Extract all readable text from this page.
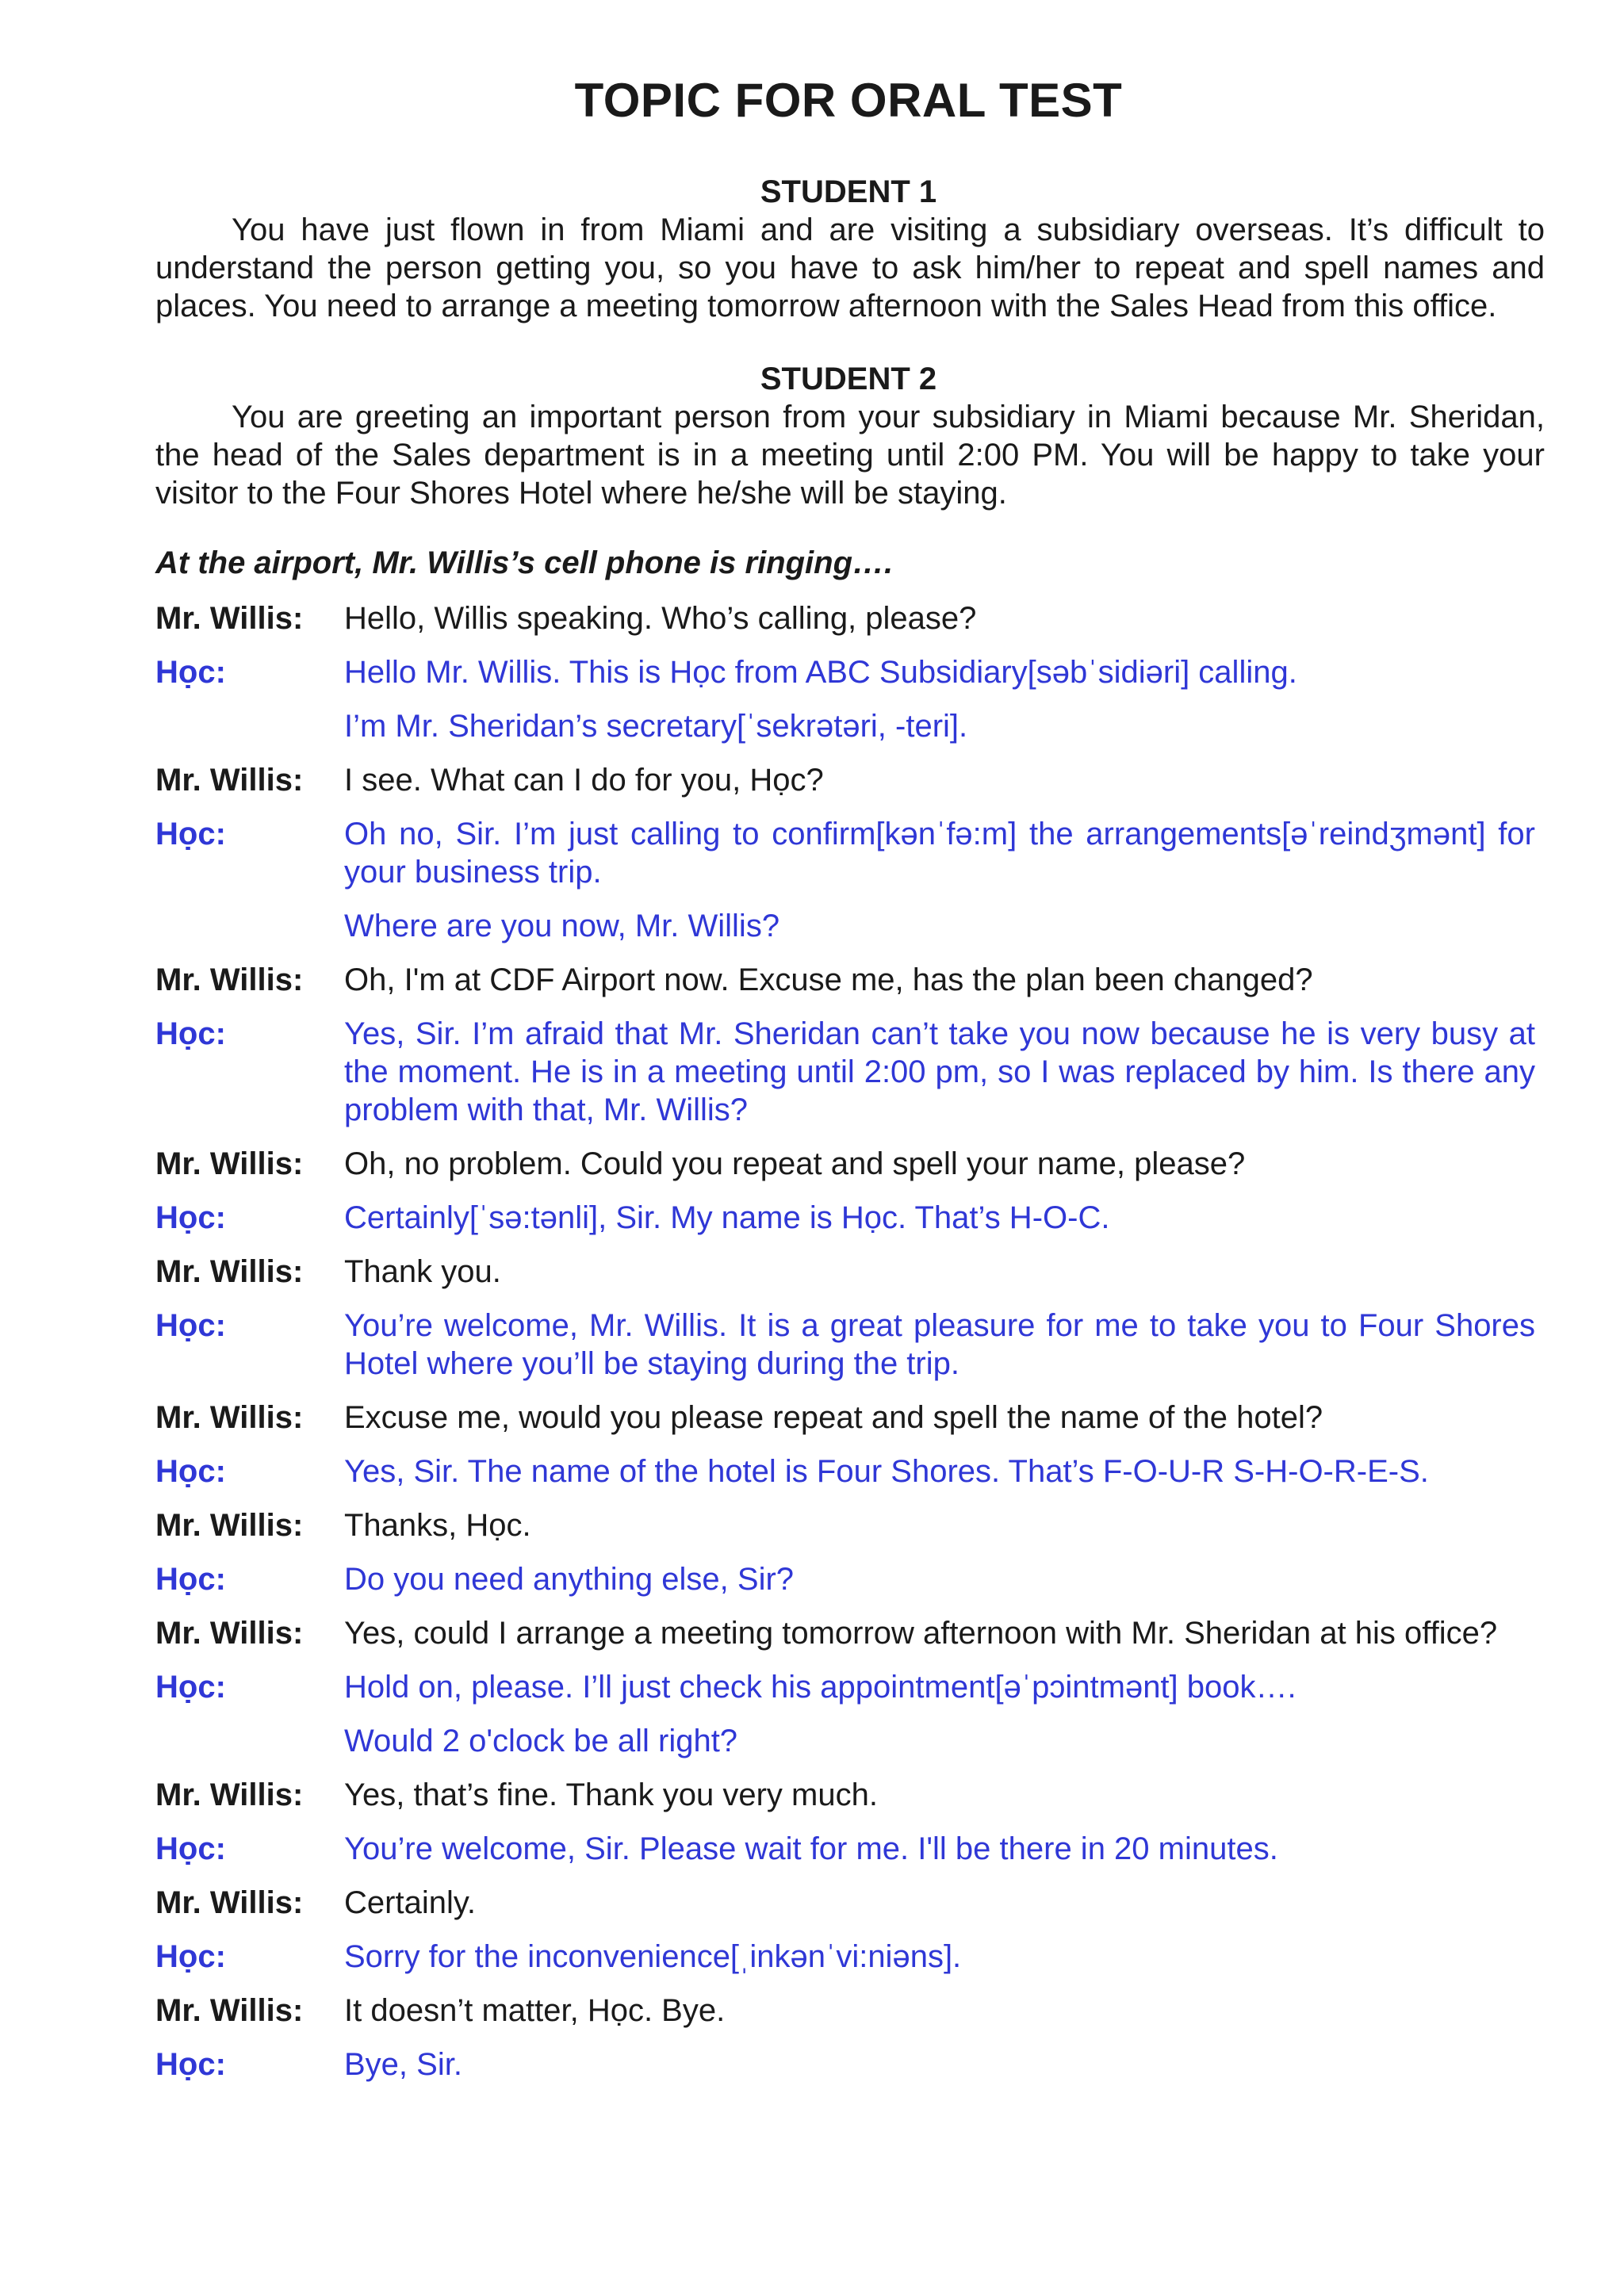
TOPIC FOR ORAL TEST
STUDENT 1
You have just flown in from Miami and are visiting a subsidiary overseas. It’s difficult to understand the person getting you, so you have to ask him/her to repeat and spell names and places. You need to arrange a meeting tomorrow afternoon with the Sales Head from this office.
STUDENT 2
You are greeting an important person from your subsidiary in Miami because Mr. Sheridan, the head of the Sales department is in a meeting until 2:00 PM. You will be happy to take your visitor to the Four Shores Hotel where he/she will be staying.
At the airport, Mr. Willis’s cell phone is ringing….
Mr. Willis:	Hello, Willis speaking. Who’s calling, please?
Học:	Hello Mr. Willis. This is Học from ABC Subsidiary[səbˈsidiəri] calling.
I’m Mr. Sheridan’s secretary[ˈsekrətəri, -teri].
Mr. Willis:	I see. What can I do for you, Học?
Học:	Oh no, Sir. I’m just calling to confirm[kənˈfə:m] the arrangements[əˈreindʒmənt] for your business trip.
Where are you now, Mr. Willis?
Mr. Willis:	Oh, I'm at CDF Airport now. Excuse me, has the plan been changed?
Học:	Yes, Sir. I’m afraid that Mr. Sheridan can’t take you now because he is very busy at the moment. He is in a meeting until 2:00 pm, so I was replaced by him. Is there any problem with that, Mr. Willis?
Mr. Willis:	Oh, no problem. Could you repeat and spell your name, please?
Học:	Certainly[ˈsə:tənli], Sir. My name is Học. That’s H-O-C.
Mr. Willis:	Thank you.
Học:	You’re welcome, Mr. Willis. It is a great pleasure for me to take you to Four Shores Hotel where you’ll be staying during the trip.
Mr. Willis:	Excuse me, would you please repeat and spell the name of the hotel?
Học:	Yes, Sir. The name of the hotel is Four Shores. That’s F-O-U-R S-H-O-R-E-S.
Mr. Willis:	Thanks, Học.
Học:	Do you need anything else, Sir?
Mr. Willis:	Yes, could I arrange a meeting tomorrow afternoon with Mr. Sheridan at his office?
Học:	Hold on, please. I’ll just check his appointment[əˈpɔintmənt] book….
Would 2 o'clock be all right?
Mr. Willis:	Yes, that’s fine. Thank you very much.
Học:	You’re welcome, Sir. Please wait for me. I'll be there in 20 minutes.
Mr. Willis:	Certainly.
Học:	Sorry for the inconvenience[ˌinkənˈvi:niəns].
Mr. Willis:	It doesn’t matter, Học. Bye.
Học:	Bye, Sir.
